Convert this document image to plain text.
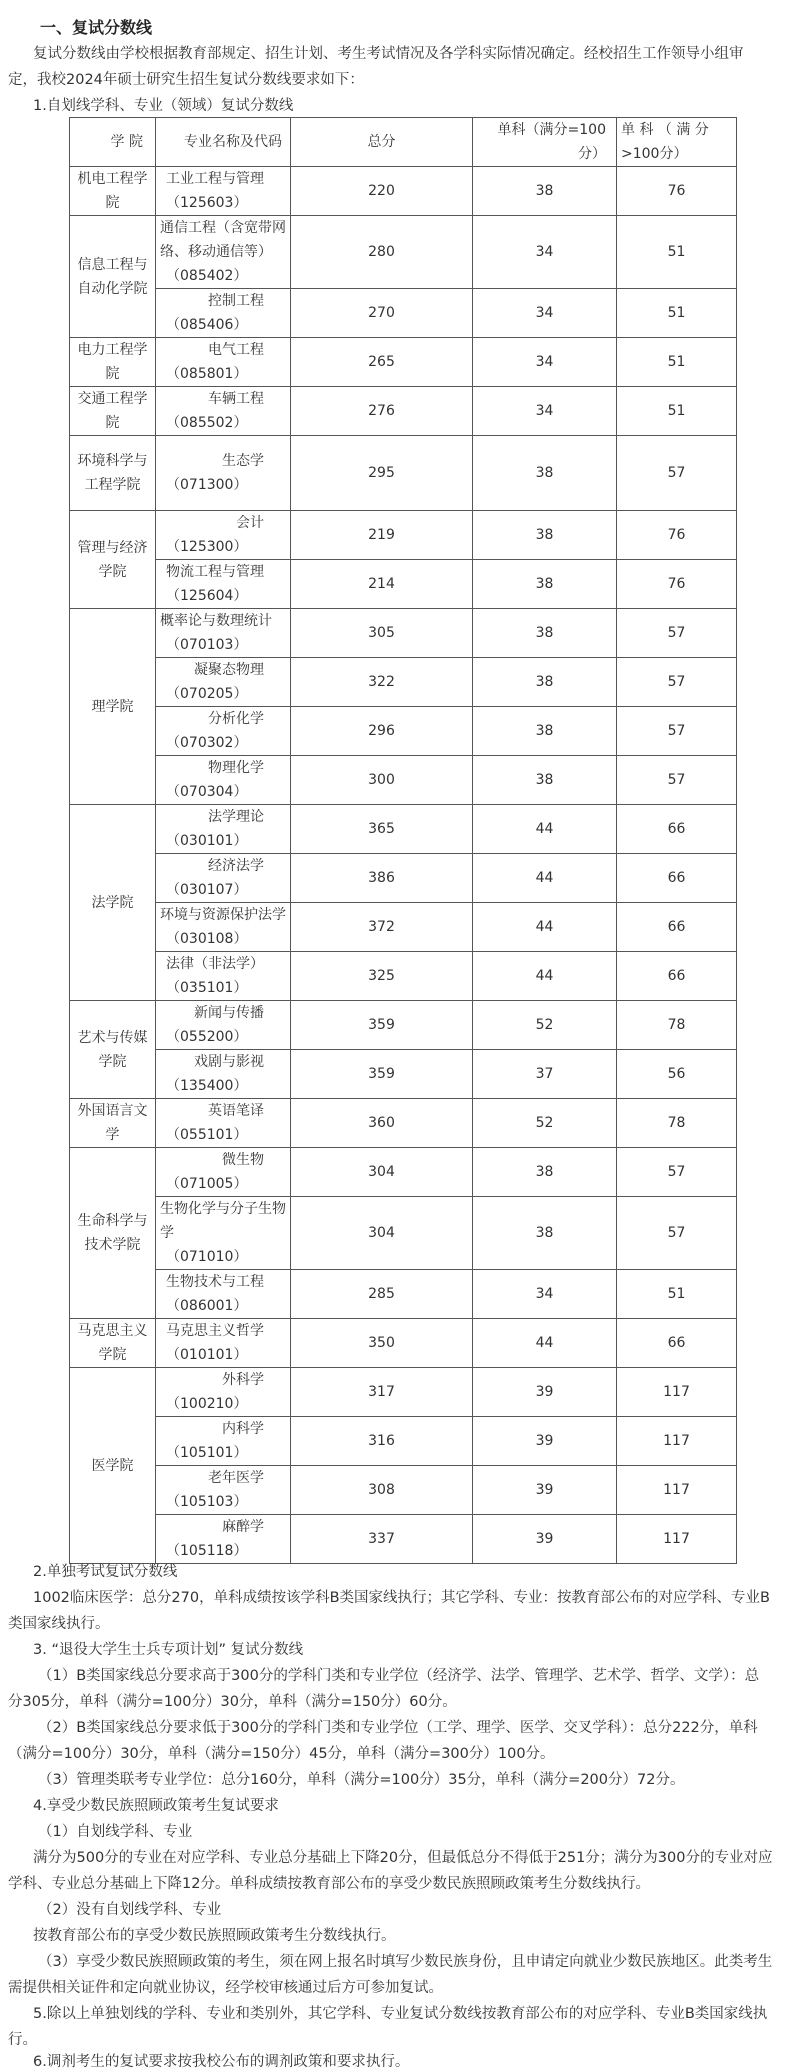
一、复试分数线
复试分数线由学校根据教育部规定、招生计划、考生考试情况及各学科实际情况确定。经校招生工作领导小组审
定，我校2024年硕士研究生招生复试分数线要求如下：
1.自划线学科、专业（领域）复试分数线
学 院	专业名称及代码	总分	单科（满分=100分）	单 科 （ 满 分 >100分）
机电工程学院	工业工程与管理
（125603）	220	38	76
信息工程与自动化学院	通信工程（含宽带网络、移动通信等）
（085402）	280	34	51

	控制工程
（085406）	270	34	51
电力工程学院	电气工程
（085801）	265	34	51
交通工程学院	车辆工程
（085502）	276	34	51
环境科学与工程学院	生态学
（071300）	295	38	57
管理与经济学院	会计
（125300）	219	38	76

	物流工程与管理
（125604）	214	38	76
理学院	概率论与数理统计
（070103）	305	38	57

	凝聚态物理
（070205）	322	38	57

	分析化学
（070302）	296	38	57

	物理化学
（070304）	300	38	57
法学院	法学理论
（030101）	365	44	66

	经济法学
（030107）	386	44	66

	环境与资源保护法学
（030108）	372	44	66

	法律（非法学）
（035101）	325	44	66
艺术与传媒学院	新闻与传播
（055200）	359	52	78

	戏剧与影视
（135400）	359	37	56
外国语言文学	英语笔译
（055101）	360	52	78
生命科学与技术学院	微生物
（071005）	304	38	57

	生物化学与分子生物学
（071010）	304	38	57

	生物技术与工程
（086001）	285	34	51
马克思主义学院	马克思主义哲学
（010101）	350	44	66
医学院	外科学
（100210）	317	39	117

	内科学
（105101）	316	39	117

	老年医学
（105103）	308	39	117

	麻醉学
（105118）	337	39	117
2.单独考试复试分数线
1002临床医学：总分270，单科成绩按该学科B类国家线执行；其它学科、专业：按教育部公布的对应学科、专业B
类国家线执行。
3. “退役大学生士兵专项计划” 复试分数线
（1）B类国家线总分要求高于300分的学科门类和专业学位（经济学、法学、管理学、艺术学、哲学、文学）：总
分305分，单科（满分=100分）30分，单科（满分=150分）60分。
（2）B类国家线总分要求低于300分的学科门类和专业学位（工学、理学、医学、交叉学科）：总分222分，单科
（满分=100分）30分，单科（满分=150分）45分，单科（满分=300分）100分。
（3）管理类联考专业学位：总分160分，单科（满分=100分）35分，单科（满分=200分）72分。
4.享受少数民族照顾政策考生复试要求
（1）自划线学科、专业
满分为500分的专业在对应学科、专业总分基础上下降20分，但最低总分不得低于251分；满分为300分的专业对应
学科、专业总分基础上下降12分。单科成绩按教育部公布的享受少数民族照顾政策考生分数线执行。
（2）没有自划线学科、专业
按教育部公布的享受少数民族照顾政策考生分数线执行。
（3）享受少数民族照顾政策的考生，须在网上报名时填写少数民族身份，且申请定向就业少数民族地区。此类考生
需提供相关证件和定向就业协议，经学校审核通过后方可参加复试。
5.除以上单独划线的学科、专业和类别外，其它学科、专业复试分数线按教育部公布的对应学科、专业B类国家线执
行。
6.调剂考生的复试要求按我校公布的调剂政策和要求执行。
